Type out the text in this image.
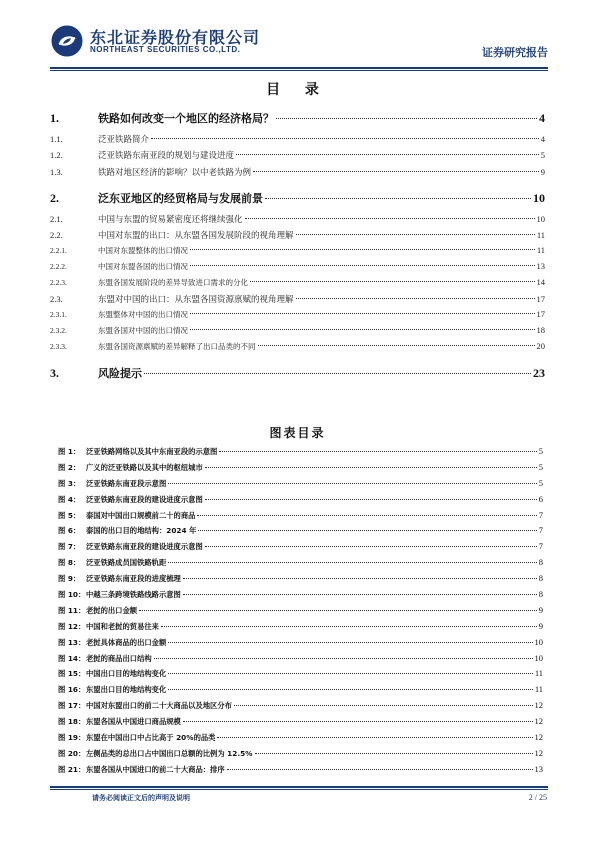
东北证券股份有限公司
NORTHEAST SECURITIES CO.,LTD.	证券研究报告
目 录
1.	铁路如何改变一个地区的经济格局？	4
1.1.	泛亚铁路简介	4
1.2.	泛亚铁路东南亚段的规划与建设进度	5
1.3.	铁路对地区经济的影响？以中老铁路为例	9
2.	泛东亚地区的经贸格局与发展前景	10
2.1.	中国与东盟的贸易紧密度还将继续强化	10
2.2.	中国对东盟的出口：从东盟各国发展阶段的视角理解	11
2.2.1.	中国对东盟整体的出口情况	11
2.2.2.	中国对东盟各国的出口情况	13
2.2.3.	东盟各国发展阶段的差异导致进口需求的分化	14
2.3.	东盟对中国的出口：从东盟各国资源禀赋的视角理解	17
2.3.1.	东盟整体对中国的出口情况	17
2.3.2.	东盟各国对中国的出口情况	18
2.3.3.	东盟各国资源禀赋的差异解释了出口品类的不同	20
3.	风险提示	23
图表目录
图 1： 泛亚铁路网络以及其中东南亚段的示意图	5
图 2： 广义的泛亚铁路以及其中的枢纽城市	5
图 3： 泛亚铁路东南亚段示意图	5
图 4： 泛亚铁路东南亚段的建设进度示意图	6
图 5： 泰国对中国出口规模前二十的商品	7
图 6： 泰国的出口目的地结构：2024 年	7
图 7： 泛亚铁路东南亚段的建设进度示意图	7
图 8： 泛亚铁路成员国铁路轨距	8
图 9： 泛亚铁路东南亚段的进度梳理	8
图 10： 中越三条跨境铁路线路示意图	8
图 11： 老挝的出口金额	9
图 12： 中国和老挝的贸易往来	9
图 13： 老挝具体商品的出口金额	10
图 14： 老挝的商品出口结构	10
图 15： 中国出口目的地结构变化	11
图 16： 东盟出口目的地结构变化	11
图 17： 中国对东盟出口的前二十大商品以及地区分布	12
图 18： 东盟各国从中国进口商品规模	12
图 19： 东盟在中国出口中占比高于 20%的品类	12
图 20： 左侧品类的总出口占中国出口总额的比例为 12.5%	12
图 21： 东盟各国从中国进口的前二十大商品：排序	13
请务必阅读正文后的声明及说明	2 / 25
